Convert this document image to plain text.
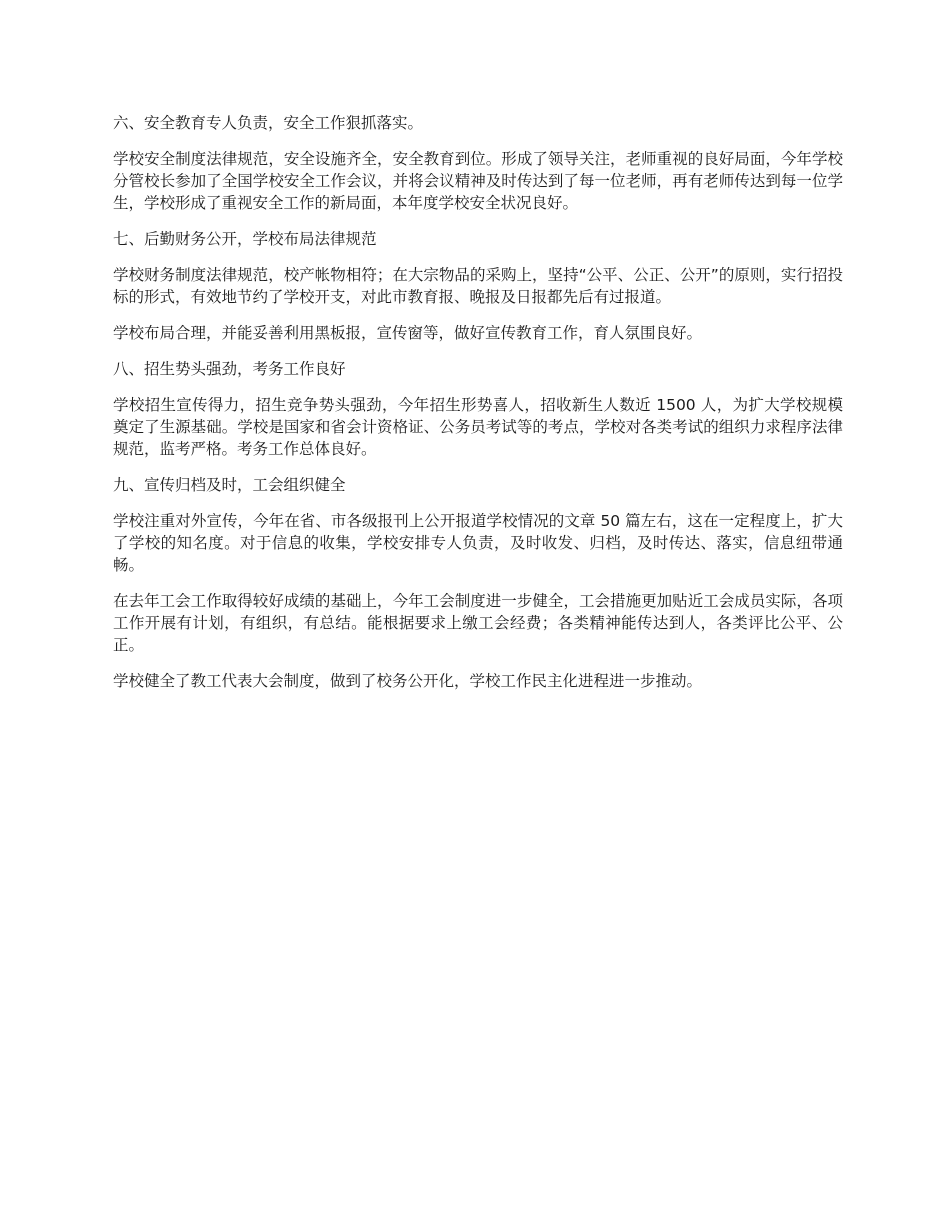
六、安全教育专人负责，安全工作狠抓落实。

学校安全制度法律规范，安全设施齐全，安全教育到位。形成了领导关注，老师重视的良好局面，今年学校分管校长参加了全国学校安全工作会议，并将会议精神及时传达到了每一位老师，再有老师传达到每一位学生，学校形成了重视安全工作的新局面，本年度学校安全状况良好。

七、后勤财务公开，学校布局法律规范

学校财务制度法律规范，校产帐物相符；在大宗物品的采购上，坚持“公平、公正、公开”的原则，实行招投标的形式，有效地节约了学校开支，对此市教育报、晚报及日报都先后有过报道。

学校布局合理，并能妥善利用黑板报，宣传窗等，做好宣传教育工作，育人氛围良好。

八、招生势头强劲，考务工作良好

学校招生宣传得力，招生竞争势头强劲，今年招生形势喜人，招收新生人数近 1500 人，为扩大学校规模奠定了生源基础。学校是国家和省会计资格证、公务员考试等的考点，学校对各类考试的组织力求程序法律规范，监考严格。考务工作总体良好。

九、宣传归档及时，工会组织健全

学校注重对外宣传，今年在省、市各级报刊上公开报道学校情况的文章 50 篇左右，这在一定程度上，扩大了学校的知名度。对于信息的收集，学校安排专人负责，及时收发、归档，及时传达、落实，信息纽带通畅。

在去年工会工作取得较好成绩的基础上，今年工会制度进一步健全，工会措施更加贴近工会成员实际，各项工作开展有计划，有组织，有总结。能根据要求上缴工会经费；各类精神能传达到人，各类评比公平、公正。

学校健全了教工代表大会制度，做到了校务公开化，学校工作民主化进程进一步推动。
